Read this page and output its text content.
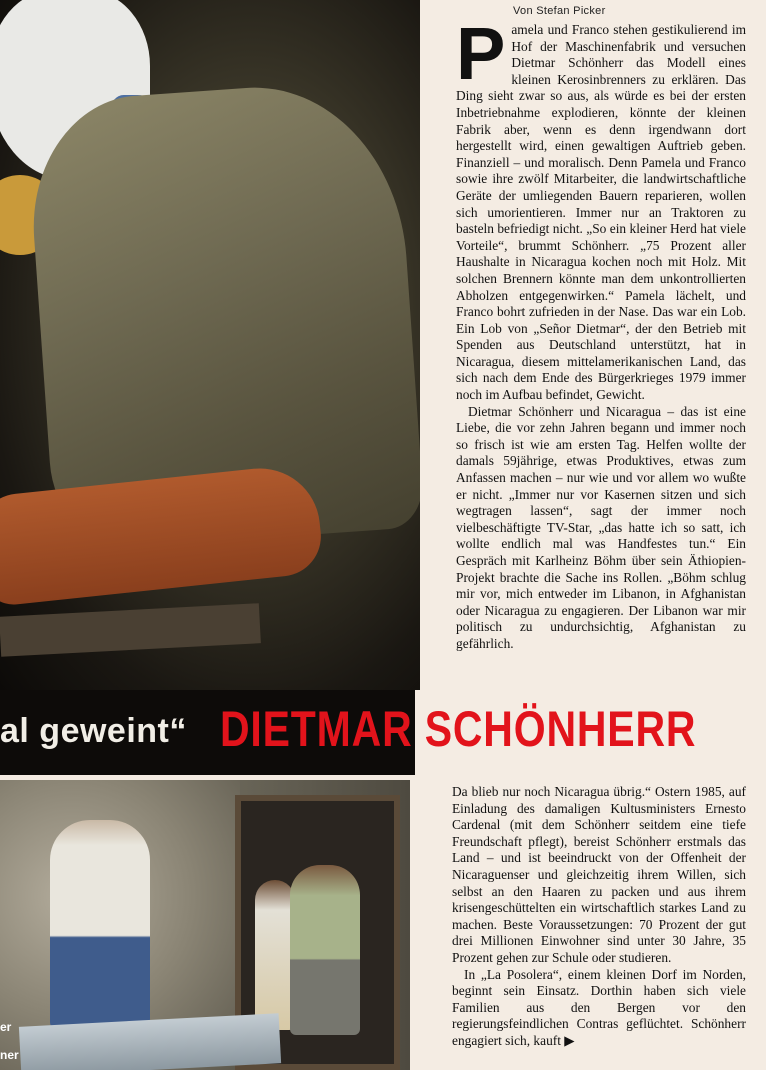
Von Stefan Picker
P amela und Franco stehen gestikulierend im Hof der Maschinenfabrik und versuchen Dietmar Schönherr das Modell eines kleinen Kerosinbrenners zu erklären. Das Ding sieht zwar so aus, als würde es bei der ersten Inbetriebnahme explodieren, könnte der kleinen Fabrik aber, wenn es denn irgendwann dort hergestellt wird, einen gewaltigen Auftrieb geben. Finanziell – und moralisch. Denn Pamela und Franco sowie ihre zwölf Mitarbeiter, die landwirtschaftliche Geräte der umliegenden Bauern reparieren, wollen sich umorientieren. Immer nur an Traktoren zu basteln befriedigt nicht. „So ein kleiner Herd hat viele Vorteile“, brummt Schönherr. „75 Prozent aller Haushalte in Nicaragua kochen noch mit Holz. Mit solchen Brennern könnte man dem unkontrollierten Abholzen entgegenwirken.“ Pamela lächelt, und Franco bohrt zufrieden in der Nase. Das war ein Lob. Ein Lob von „Señor Dietmar“, der den Betrieb mit Spenden aus Deutschland unterstützt, hat in Nicaragua, diesem mittelamerikanischen Land, das sich nach dem Ende des Bürgerkrieges 1979 immer noch im Aufbau befindet, Gewicht.

Dietmar Schönherr und Nicaragua – das ist eine Liebe, die vor zehn Jahren begann und immer noch so frisch ist wie am ersten Tag. Helfen wollte der damals 59jährige, etwas Produktives, etwas zum Anfassen machen – nur wie und vor allem wo wußte er nicht. „Immer nur vor Kasernen sitzen und sich wegtragen lassen“, sagt der immer noch vielbeschäftigte TV-Star, „das hatte ich so satt, ich wollte endlich mal was Handfestes tun.“ Ein Gespräch mit Karlheinz Böhm über sein Äthiopien-Projekt brachte die Sache ins Rollen. „Böhm schlug mir vor, mich entweder im Libanon, in Afghanistan oder Nicaragua zu engagieren. Der Libanon war mir politisch zu undurchsichtig, Afghanistan zu gefährlich.

al geweint“ DIETMAR SCHÖNHERR
er
ner

Da blieb nur noch Nicaragua übrig.“ Ostern 1985, auf Einladung des damaligen Kultusministers Ernesto Cardenal (mit dem Schönherr seitdem eine tiefe Freundschaft pflegt), bereist Schönherr erstmals das Land – und ist beeindruckt von der Offenheit der Nicaraguenser und gleichzeitig ihrem Willen, sich selbst an den Haaren zu packen und aus ihrem krisengeschüttelten ein wirtschaftlich starkes Land zu machen. Beste Voraussetzungen: 70 Prozent der gut drei Millionen Einwohner sind unter 30 Jahre, 35 Prozent gehen zur Schule oder studieren.

In „La Posolera“, einem kleinen Dorf im Norden, beginnt sein Einsatz. Dorthin haben sich viele Familien aus den Bergen vor den regierungsfeindlichen Contras geflüchtet. Schönherr engagiert sich, kauft ▶
